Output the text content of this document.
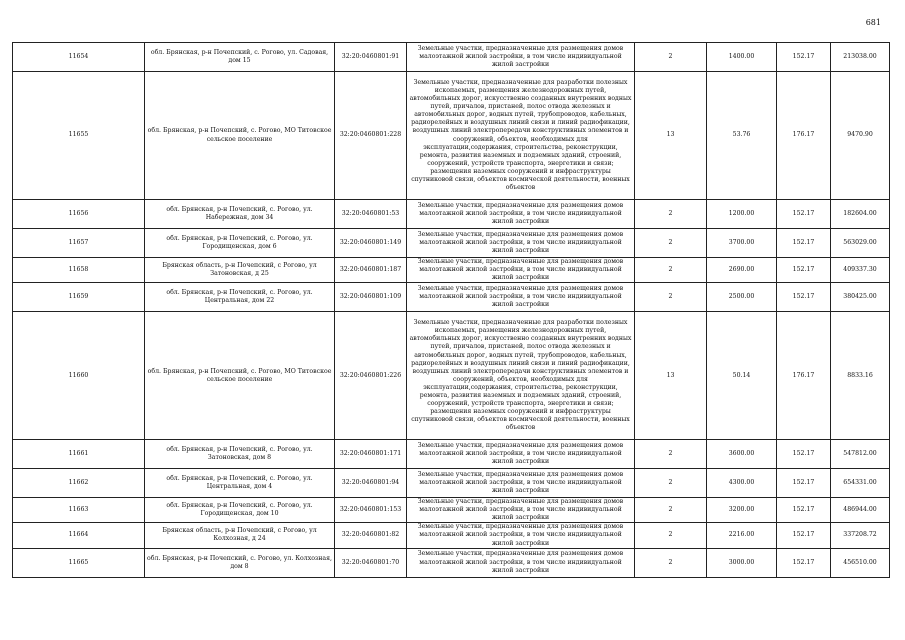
681
11654	обл. Брянская, р-н Почепский, с. Рогово, ул. Садовая, дом 15	32:20:0460801:91	Земельные участки, предназначенные для размещения домов малоэтажной жилой застройки, в том числе индивидуальной жилой застройки	2	1400.00	152.17	213038.00
11655	обл. Брянская, р-н Почепский, с. Рогово, МО Титовское сельское поселение	32:20:0460801:228	Земельные участки, предназначенные для разработки полезных ископаемых, размещения железнодорожных путей, автомобильных дорог, искусственно созданных внутренних водных путей, причалов, пристаней, полос отвода железных и автомобильных дорог, водных путей, трубопроводов, кабельных, радиорелейных и воздушных линий связи и линий радиофикации, воздушных линий электропередачи конструктивных элементов и сооружений, объектов, необходимых для эксплуатации,содержания, строительства, реконструкции, ремонта, развития наземных и подземных зданий, строений, сооружений, устройств транспорта, энергетики и связи; размещения наземных сооружений и инфраструктуры спутниковой связи, объектов космической деятельности, военных объектов	13	53.76	176.17	9470.90
11656	обл. Брянская, р-н Почепский, с. Рогово, ул. Набережная, дом 34	32:20:0460801:53	Земельные участки, предназначенные для размещения домов малоэтажной жилой застройки, в том числе индивидуальной жилой застройки	2	1200.00	152.17	182604.00
11657	обл. Брянская, р-н Почепский, с. Рогово, ул. Городищенская, дом 6	32:20:0460801:149	Земельные участки, предназначенные для размещения домов малоэтажной жилой застройки, в том числе индивидуальной жилой застройки	2	3700.00	152.17	563029.00
11658	Брянская область, р-н Почепский, с Рогово, ул Затоновская, д 25	32:20:0460801:187	Земельные участки, предназначенные для размещения домов малоэтажной жилой застройки, в том числе индивидуальной жилой застройки	2	2690.00	152.17	409337.30
11659	обл. Брянская, р-н Почепский, с. Рогово, ул. Центральная, дом 22	32:20:0460801:109	Земельные участки, предназначенные для размещения домов малоэтажной жилой застройки, в том числе индивидуальной жилой застройки	2	2500.00	152.17	380425.00
11660	обл. Брянская, р-н Почепский, с. Рогово, МО Титовское сельское поселение	32:20:0460801:226	Земельные участки, предназначенные для разработки полезных ископаемых, размещения железнодорожных путей, автомобильных дорог, искусственно созданных внутренних водных путей, причалов, пристаней, полос отвода железных и автомобильных дорог, водных путей, трубопроводов, кабельных, радиорелейных и воздушных линий связи и линий радиофикации, воздушных линий электропередачи конструктивных элементов и сооружений, объектов, необходимых для эксплуатации,содержания, строительства, реконструкции, ремонта, развития наземных и подземных зданий, строений, сооружений, устройств транспорта, энергетики и связи; размещения наземных сооружений и инфраструктуры спутниковой связи, объектов космической деятельности, военных объектов	13	50.14	176.17	8833.16
11661	обл. Брянская, р-н Почепский, с. Рогово, ул. Затоновская, дом 8	32:20:0460801:171	Земельные участки, предназначенные для размещения домов малоэтажной жилой застройки, в том числе индивидуальной жилой застройки	2	3600.00	152.17	547812.00
11662	обл. Брянская, р-н Почепский, с. Рогово, ул. Центральная, дом 4	32:20:0460801:94	Земельные участки, предназначенные для размещения домов малоэтажной жилой застройки, в том числе индивидуальной жилой застройки	2	4300.00	152.17	654331.00
11663	обл. Брянская, р-н Почепский, с. Рогово, ул. Городищенская, дом 10	32:20:0460801:153	Земельные участки, предназначенные для размещения домов малоэтажной жилой застройки, в том числе индивидуальной жилой застройки	2	3200.00	152.17	486944.00
11664	Брянская область, р-н Почепский, с Рогово, ул Колхозная, д 24	32:20:0460801:82	Земельные участки, предназначенные для размещения домов малоэтажной жилой застройки, в том числе индивидуальной жилой застройки	2	2216.00	152.17	337208.72
11665	обл. Брянская, р-н Почепский, с. Рогово, ул. Колхозная, дом 8	32:20:0460801:70	Земельные участки, предназначенные для размещения домов малоэтажной жилой застройки, в том числе индивидуальной жилой застройки	2	3000.00	152.17	456510.00
